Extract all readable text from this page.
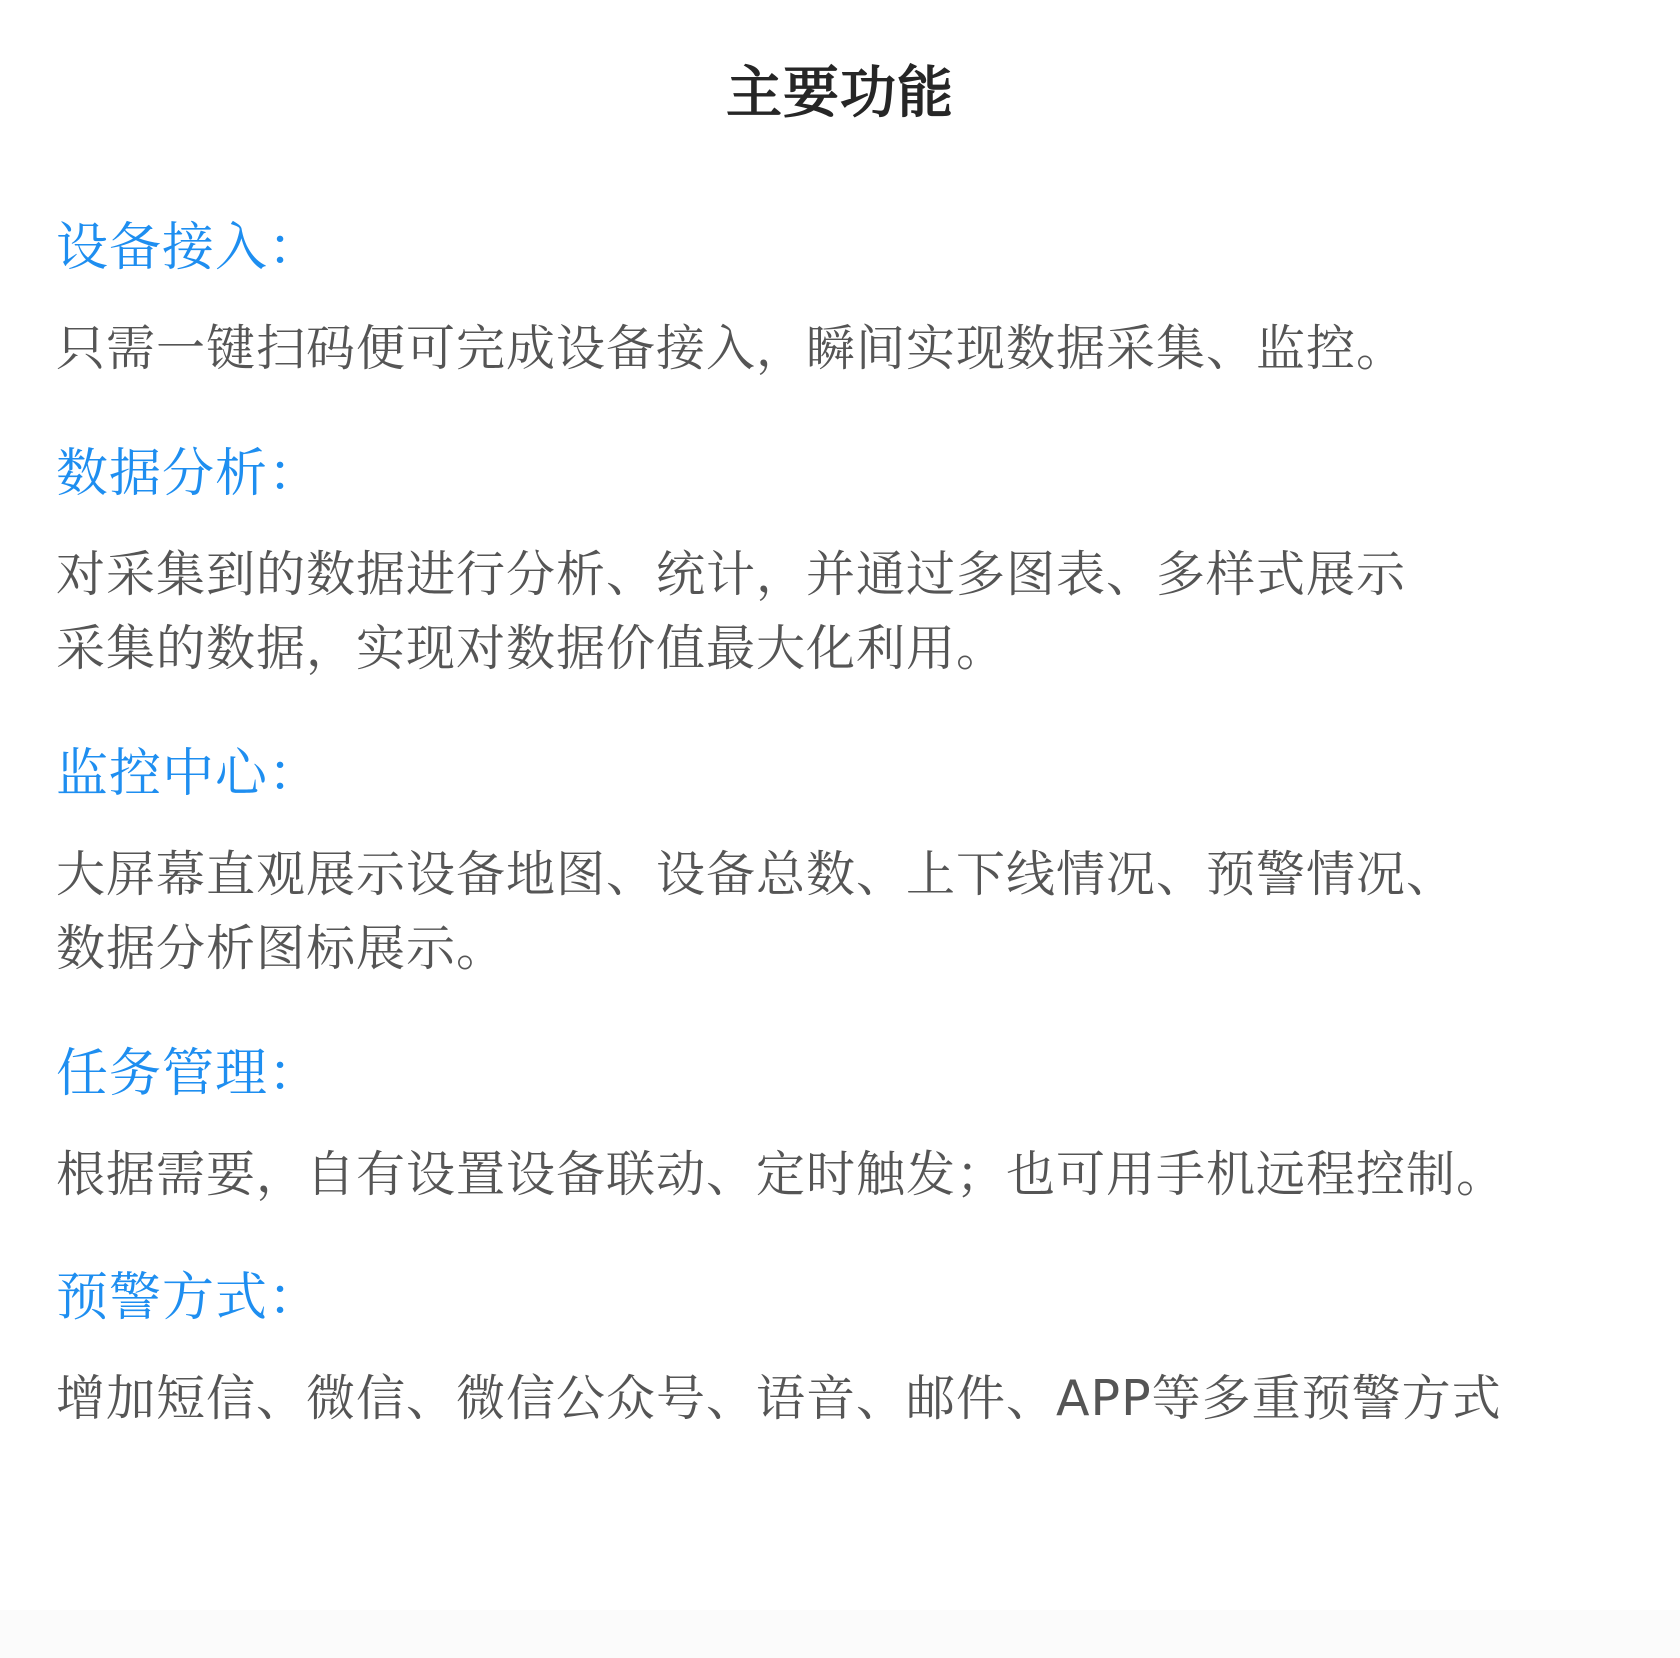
主要功能
设备接入：
只需一键扫码便可完成设备接入，瞬间实现数据采集、监控。
数据分析：
对采集到的数据进行分析、统计，并通过多图表、多样式展示
采集的数据，实现对数据价值最大化利用。
监控中心：
大屏幕直观展示设备地图、设备总数、上下线情况、预警情况、
数据分析图标展示。
任务管理：
根据需要，自有设置设备联动、定时触发；也可用手机远程控制。
预警方式：
增加短信、微信、微信公众号、语音、邮件、APP等多重预警方式
